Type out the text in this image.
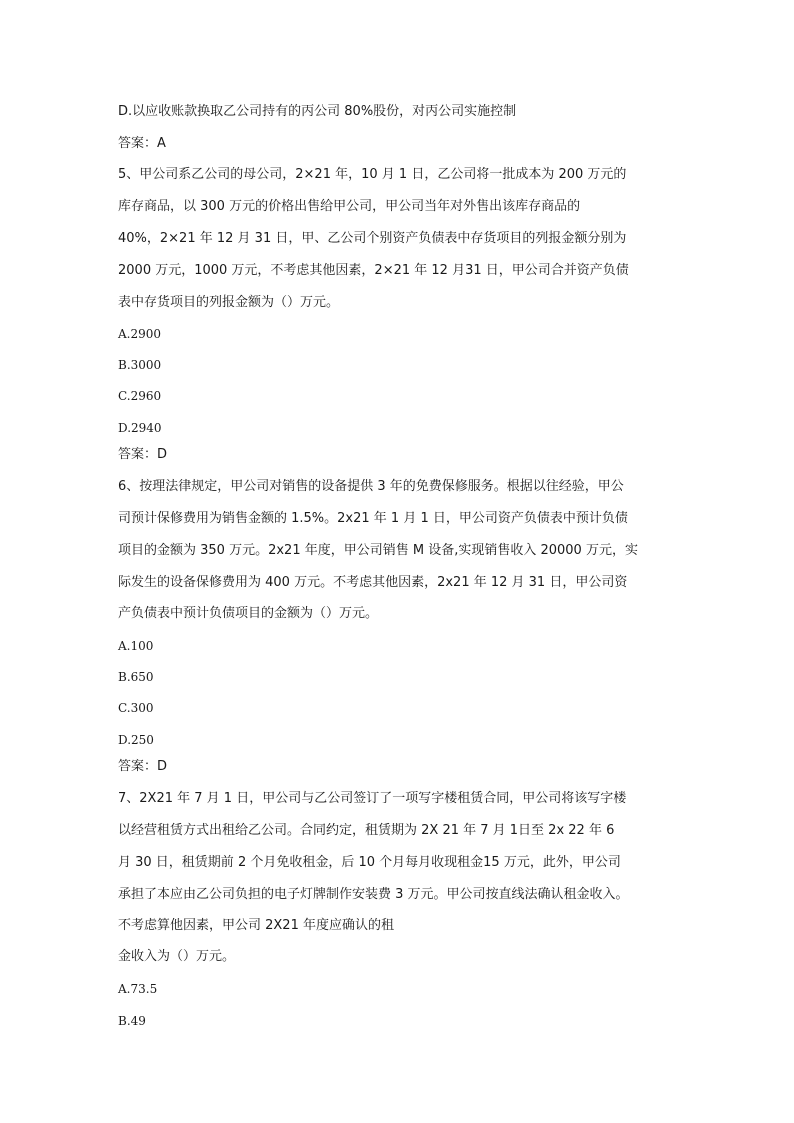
D.以应收账款换取乙公司持有的丙公司 80%股份，对丙公司实施控制
答案：A
5、甲公司系乙公司的母公司，2×21 年，10 月 1 日，乙公司将一批成本为 200 万元的
库存商品，以 300 万元的价格出售给甲公司，甲公司当年对外售出该库存商品的
40%，2×21 年 12 月 31 日，甲、乙公司个别资产负债表中存货项目的列报金额分别为
2000 万元，1000 万元，不考虑其他因素，2×21 年 12 月31 日，甲公司合并资产负债
表中存货项目的列报金额为（）万元。
A.2900
B.3000
C.2960
D.2940
答案：D
6、按理法律规定，甲公司对销售的设备提供 3 年的免费保修服务。根据以往经验，甲公
司预计保修费用为销售金额的 1.5%。2x21 年 1 月 1 日，甲公司资产负债表中预计负债
项目的金额为 350 万元。2x21 年度，甲公司销售 M 设备,实现销售收入 20000 万元，实
际发生的设备保修费用为 400 万元。不考虑其他因素，2x21 年 12 月 31 日，甲公司资
产负债表中预计负债项目的金额为（）万元。
A.100
B.650
C.300
D.250
答案：D
7、2X21 年 7 月 1 日，甲公司与乙公司签订了一项写字楼租赁合同，甲公司将该写字楼
以经营租赁方式出租给乙公司。合同约定，租赁期为 2X 21 年 7 月 1日至 2x 22 年 6
月 30 日，租赁期前 2 个月免收租金，后 10 个月每月收现租金15 万元，此外，甲公司
承担了本应由乙公司负担的电子灯牌制作安装费 3 万元。甲公司按直线法确认租金收入。
不考虑算他因素，甲公司 2X21 年度应确认的租
金收入为（）万元。
A.73.5
B.49
